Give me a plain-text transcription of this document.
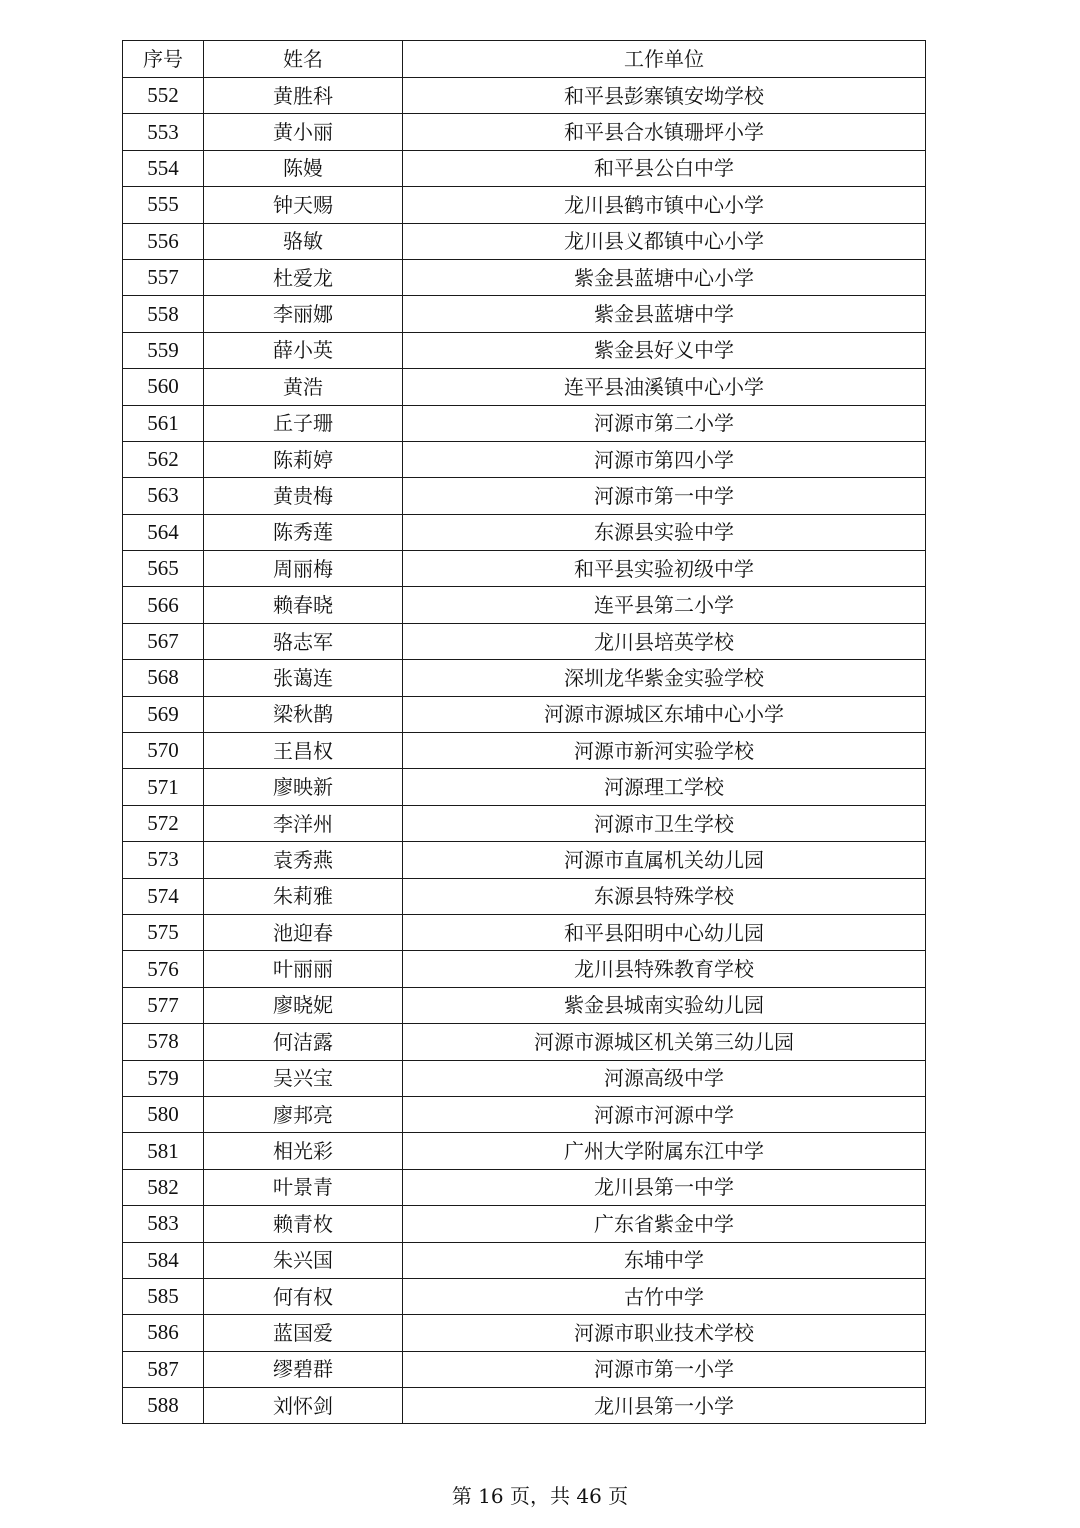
序号	姓名	工作单位
552	黄胜科	和平县彭寨镇安坳学校
553	黄小丽	和平县合水镇珊坪小学
554	陈嫚	和平县公白中学
555	钟天赐	龙川县鹤市镇中心小学
556	骆敏	龙川县义都镇中心小学
557	杜爱龙	紫金县蓝塘中心小学
558	李丽娜	紫金县蓝塘中学
559	薛小英	紫金县好义中学
560	黄浩	连平县油溪镇中心小学
561	丘子珊	河源市第二小学
562	陈莉婷	河源市第四小学
563	黄贵梅	河源市第一中学
564	陈秀莲	东源县实验中学
565	周丽梅	和平县实验初级中学
566	赖春晓	连平县第二小学
567	骆志军	龙川县培英学校
568	张蔼连	深圳龙华紫金实验学校
569	梁秋鹊	河源市源城区东埔中心小学
570	王昌权	河源市新河实验学校
571	廖映新	河源理工学校
572	李洋州	河源市卫生学校
573	袁秀燕	河源市直属机关幼儿园
574	朱莉雅	东源县特殊学校
575	池迎春	和平县阳明中心幼儿园
576	叶丽丽	龙川县特殊教育学校
577	廖晓妮	紫金县城南实验幼儿园
578	何洁露	河源市源城区机关第三幼儿园
579	吴兴宝	河源高级中学
580	廖邦亮	河源市河源中学
581	相光彩	广州大学附属东江中学
582	叶景青	龙川县第一中学
583	赖青枚	广东省紫金中学
584	朱兴国	东埔中学
585	何有权	古竹中学
586	蓝国爱	河源市职业技术学校
587	缪碧群	河源市第一小学
588	刘怀剑	龙川县第一小学
第 16 页，共 46 页
